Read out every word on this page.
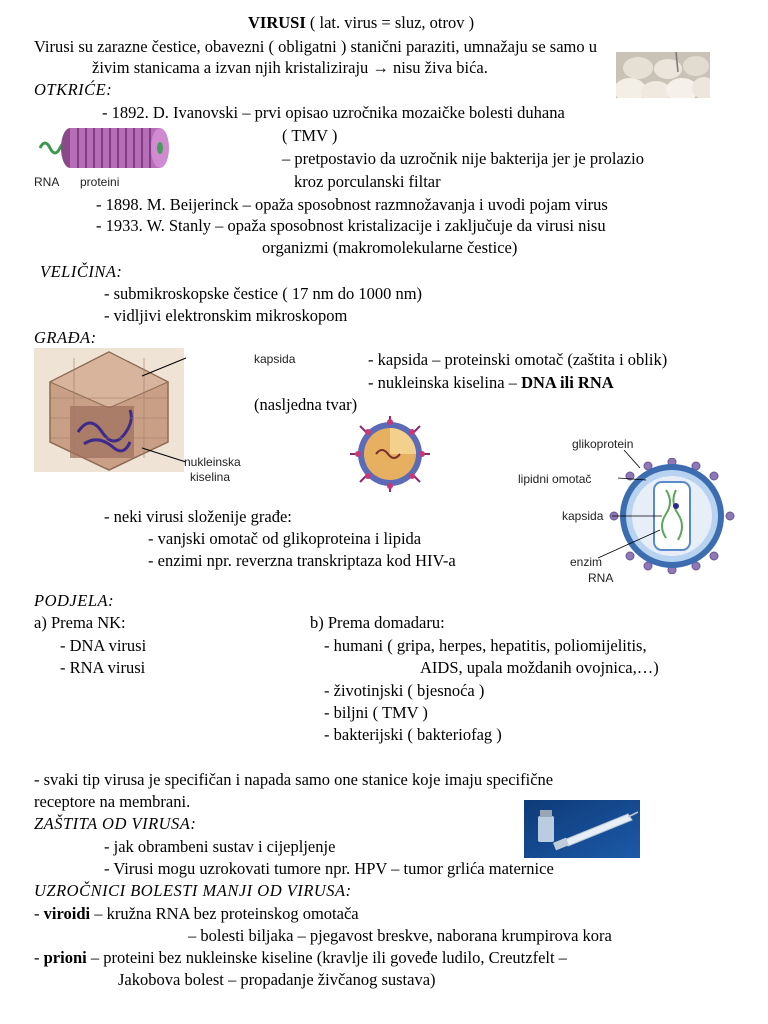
VIRUSI ( lat. virus = sluz, otrov )
Virusi su zarazne čestice, obavezni ( obligatni ) stanični paraziti, umnažaju se samo u
živim stanicama a izvan njih kristaliziraju → nisu živa bića.
OTKRIĆE:
- 1892. D. Ivanovski – prvi opisao uzročnika mozaičke bolesti duhana
( TMV )
– pretpostavio da uzročnik nije bakterija jer je prolazio
kroz porculanski filtar
- 1898. M. Beijerinck – opaža sposobnost razmnožavanja i uvodi pojam virus
- 1933. W. Stanly – opaža sposobnost kristalizacije i zaključuje da virusi nisu
organizmi (makromolekularne čestice)
RNA proteini
VELIČINA:
- submikroskopske čestice ( 17 nm do 1000 nm)
- vidljivi elektronskim mikroskopom
GRAĐA:
kapsida
nukleinska
kiselina
- kapsida – proteinski omotač (zaštita i oblik)
- nukleinska kiselina – DNA ili RNA
(nasljedna tvar)
- neki virusi složenije građe:
- vanjski omotač od glikoproteina i lipida
- enzimi npr. reverzna transkriptaza kod HIV-a
glikoprotein
lipidni omotač
kapsida
enzim
RNA
PODJELA:
a) Prema NK:
- DNA virusi
- RNA virusi
b) Prema domadaru:
- humani ( gripa, herpes, hepatitis, poliomijelitis,
AIDS, upala moždanih ovojnica,…)
- životinjski ( bjesnoća )
- biljni ( TMV )
- bakterijski ( bakteriofag )
- svaki tip virusa je specifičan i napada samo one stanice koje imaju specifične
receptore na membrani.
ZAŠTITA OD VIRUSA:
- jak obrambeni sustav i cijepljenje
- Virusi mogu uzrokovati tumore npr. HPV – tumor grlića maternice
UZROČNICI BOLESTI MANJI OD VIRUSA:
- viroidi – kružna RNA bez proteinskog omotača
– bolesti biljaka – pjegavost breskve, naborana krumpirova kora
- prioni – proteini bez nukleinske kiseline (kravlje ili goveđe ludilo, Creutzfelt –
Jakobova bolest – propadanje živčanog sustava)
